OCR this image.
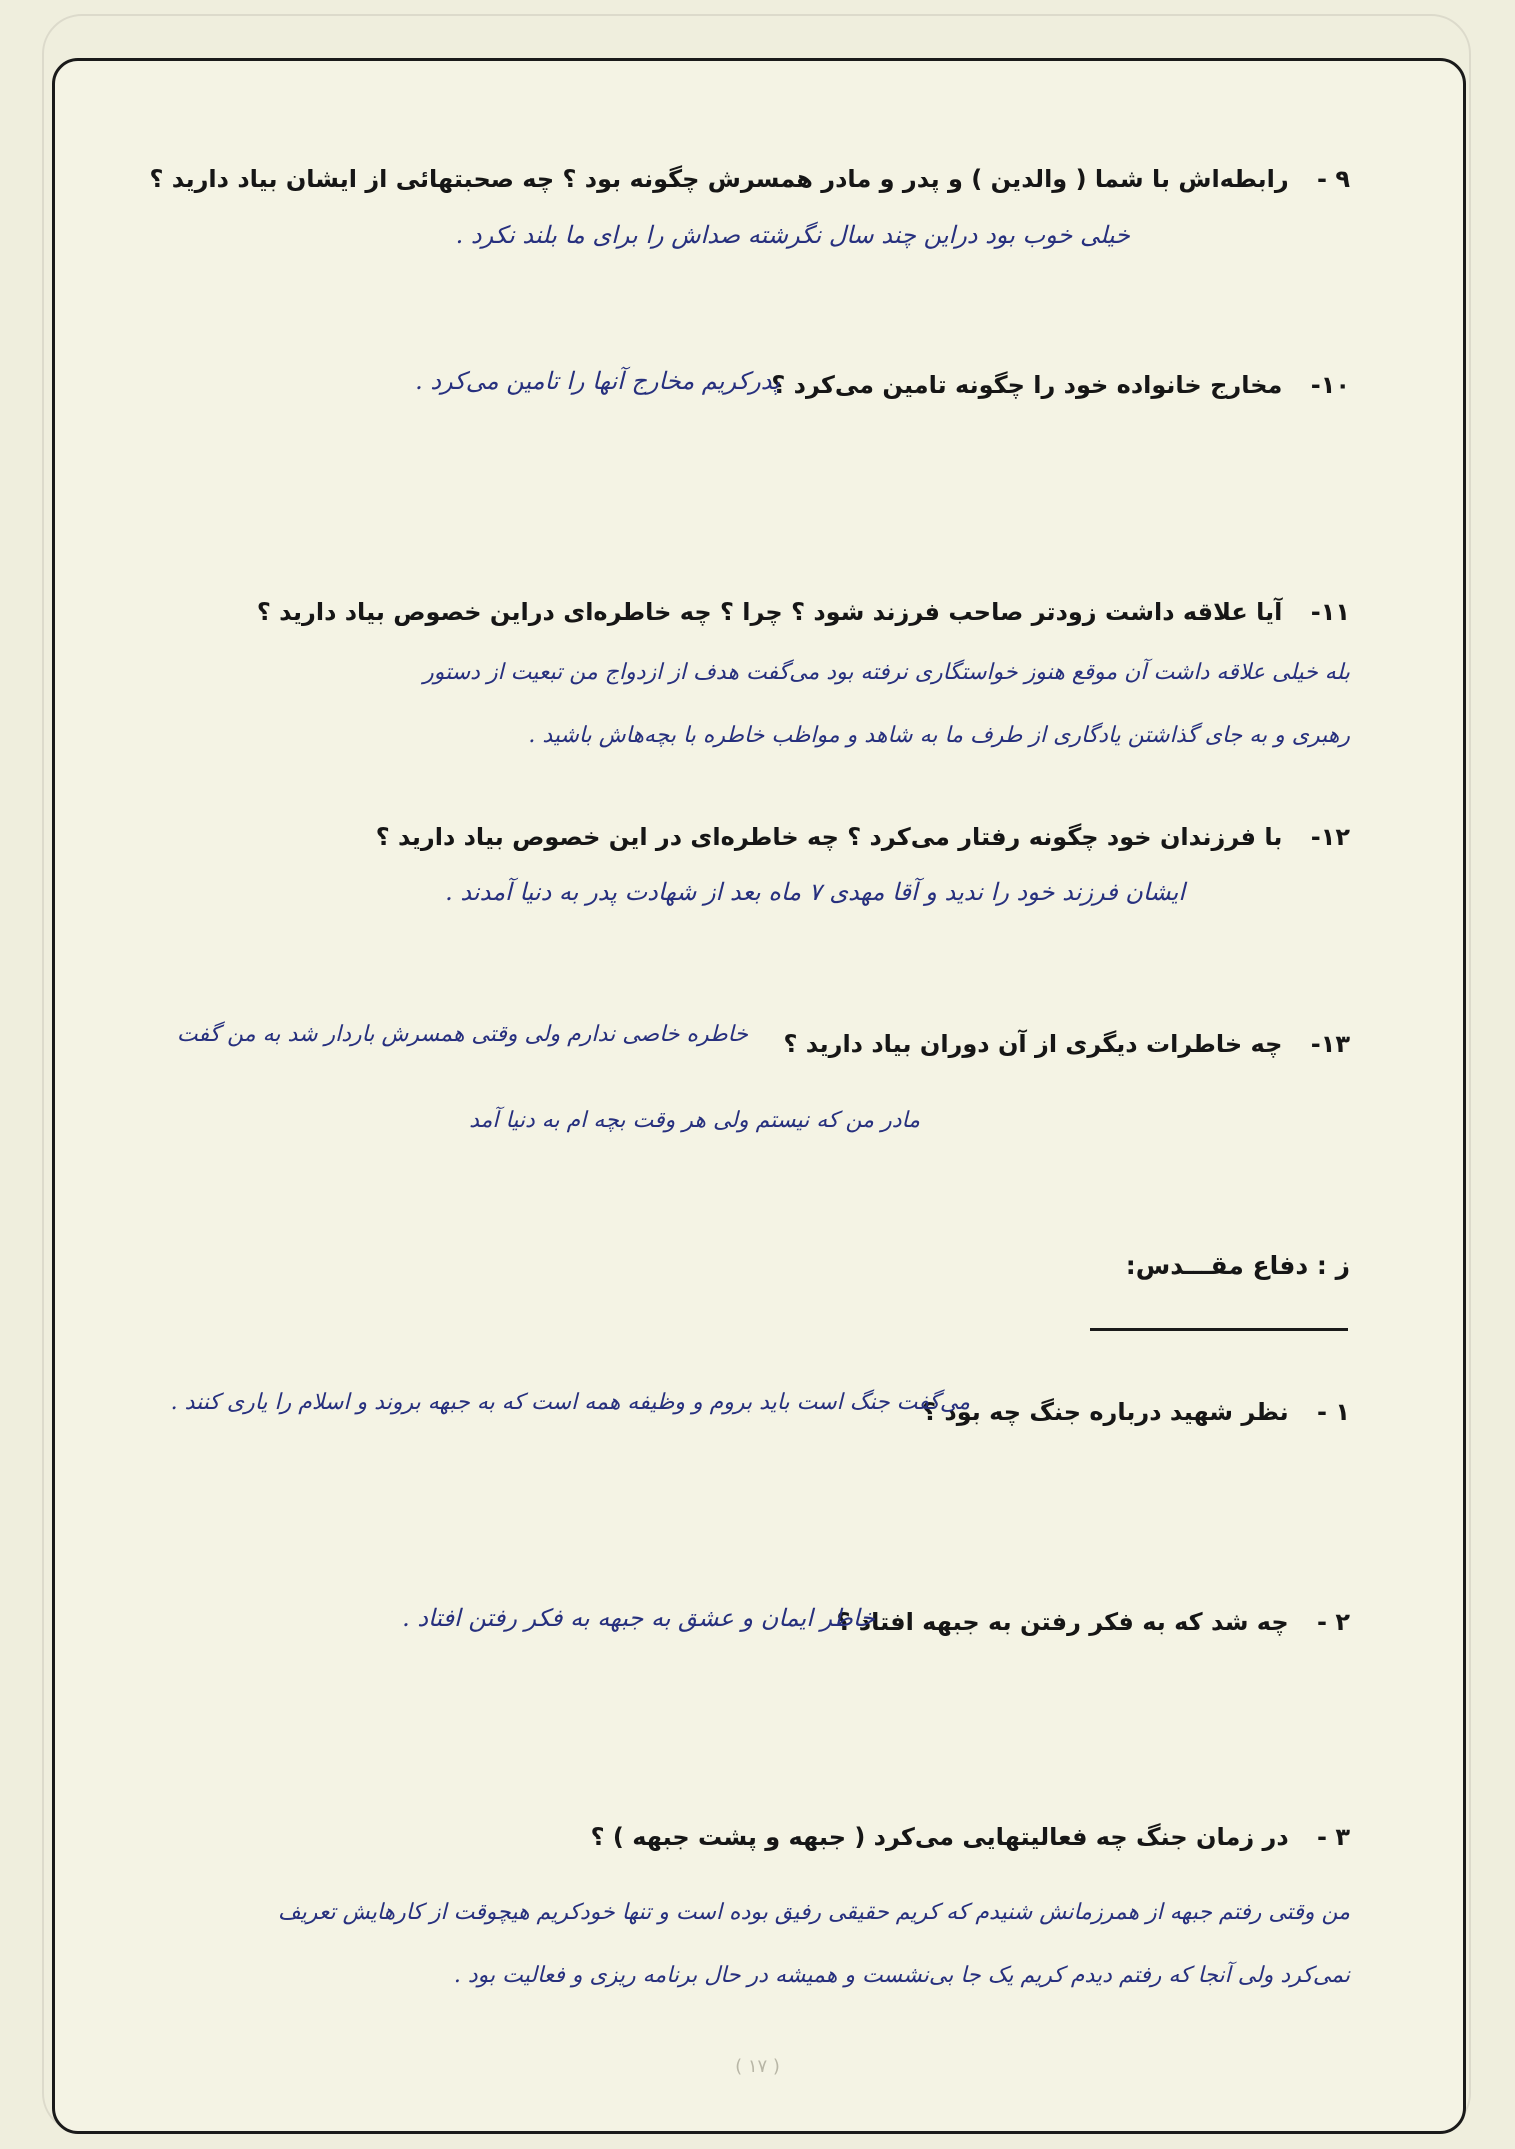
٩ - رابطه‌اش با شما ( والدین ) و پدر و مادر همسرش چگونه بود ؟ چه صحبتهائی از ایشان بیاد دارید ؟
خیلی خوب بود دراین چند سال نگرشته صداش را برای ما بلند نکرد .
١٠- مخارج خانواده خود را چگونه تامین می‌کرد ؟
پدرکریم مخارج آنها را تامین می‌کرد .
١١- آیا علاقه داشت زودتر صاحب فرزند شود ؟ چرا ؟ چه خاطره‌ای دراین خصوص بیاد دارید ؟
بله خیلی علاقه داشت آن موقع هنوز خواستگاری نرفته بود می‌گفت هدف از ازدواج من تبعیت از دستور
رهبری و به جای گذاشتن یادگاری از طرف ما به شاهد و مواظب خاطره با بچه‌هاش باشید .
١٢- با فرزندان خود چگونه رفتار می‌کرد ؟ چه خاطره‌ای در این خصوص بیاد دارید ؟
ایشان فرزند خود را ندید و آقا مهدی ٧ ماه بعد از شهادت پدر به دنیا آمدند .
١٣- چه خاطرات دیگری از آن دوران بیاد دارید ؟
خاطره خاصی ندارم ولی وقتی همسرش باردار شد به من گفت
مادر من که نیستم ولی هر وقت بچه ام به دنیا آمد
ز : دفاع مقـــدس:
١ - نظر شهید درباره جنگ چه بود ؟
می‌گفت جنگ است باید بروم و وظیفه همه است که به جبهه بروند و اسلام را یاری کنند .
٢ - چه شد که به فکر رفتن به جبهه افتاد ؟
خاطر ایمان و عشق به جبهه به فکر رفتن افتاد .
٣ - در زمان جنگ چه فعالیتهایی می‌کرد ( جبهه و پشت جبهه ) ؟
من وقتی رفتم جبهه از همرزمانش شنیدم که کریم حقیقی رفیق بوده است و تنها خودکریم هیچوقت از کارهایش تعریف
نمی‌کرد ولی آنجا که رفتم دیدم کریم یک جا بی‌نشست و همیشه در حال برنامه ریزی و فعالیت بود .
( ١٧ )
